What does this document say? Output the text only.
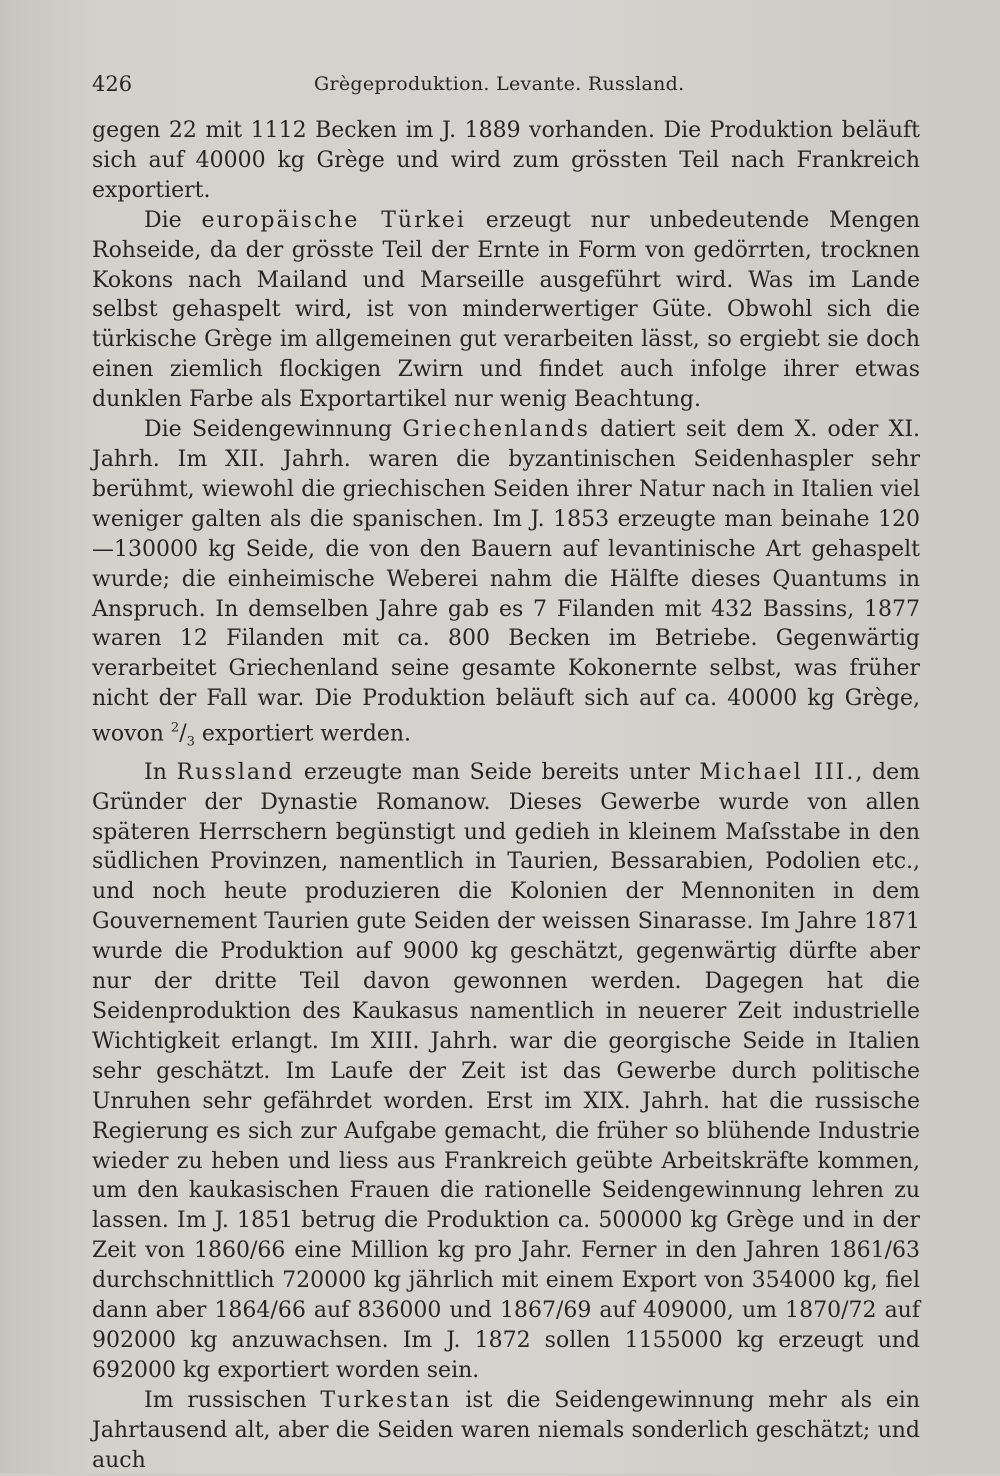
426	Grègeproduktion. Levante. Russland.

gegen 22 mit 1112 Becken im J. 1889 vorhanden. Die Produktion beläuft sich auf 40000 kg Grège und wird zum grössten Teil nach Frankreich exportiert.

Die europäische Türkei erzeugt nur unbedeutende Mengen Rohseide, da der grösste Teil der Ernte in Form von gedörrten, trocknen Kokons nach Mailand und Marseille ausgeführt wird. Was im Lande selbst gehaspelt wird, ist von minderwertiger Güte. Obwohl sich die türkische Grège im allgemeinen gut verarbeiten lässt, so ergiebt sie doch einen ziemlich flockigen Zwirn und findet auch infolge ihrer etwas dunklen Farbe als Exportartikel nur wenig Beachtung.

Die Seidengewinnung Griechenlands datiert seit dem X. oder XI. Jahrh. Im XII. Jahrh. waren die byzantinischen Seidenhaspler sehr berühmt, wiewohl die griechischen Seiden ihrer Natur nach in Italien viel weniger galten als die spanischen. Im J. 1853 erzeugte man beinahe 120—130000 kg Seide, die von den Bauern auf levantinische Art gehaspelt wurde; die einheimische Weberei nahm die Hälfte dieses Quantums in Anspruch. In demselben Jahre gab es 7 Filanden mit 432 Bassins, 1877 waren 12 Filanden mit ca. 800 Becken im Betriebe. Gegenwärtig verarbeitet Griechenland seine gesamte Kokonernte selbst, was früher nicht der Fall war. Die Produktion beläuft sich auf ca. 40000 kg Grège, wovon $^2/_3$ exportiert werden.

In Russland erzeugte man Seide bereits unter Michael III., dem Gründer der Dynastie Romanow. Dieses Gewerbe wurde von allen späteren Herrschern begünstigt und gedieh in kleinem Maſsstabe in den südlichen Provinzen, namentlich in Taurien, Bessarabien, Podolien etc., und noch heute produzieren die Kolonien der Mennoniten in dem Gouvernement Taurien gute Seiden der weissen Sinarasse. Im Jahre 1871 wurde die Produktion auf 9000 kg geschätzt, gegenwärtig dürfte aber nur der dritte Teil davon gewonnen werden. Dagegen hat die Seidenproduktion des Kaukasus namentlich in neuerer Zeit industrielle Wichtigkeit erlangt. Im XIII. Jahrh. war die georgische Seide in Italien sehr geschätzt. Im Laufe der Zeit ist das Gewerbe durch politische Unruhen sehr gefährdet worden. Erst im XIX. Jahrh. hat die russische Regierung es sich zur Aufgabe gemacht, die früher so blühende Industrie wieder zu heben und liess aus Frankreich geübte Arbeitskräfte kommen, um den kaukasischen Frauen die rationelle Seidengewinnung lehren zu lassen. Im J. 1851 betrug die Produktion ca. 500000 kg Grège und in der Zeit von 1860/66 eine Million kg pro Jahr. Ferner in den Jahren 1861/63 durchschnittlich 720000 kg jährlich mit einem Export von 354000 kg, fiel dann aber 1864/66 auf 836000 und 1867/69 auf 409000, um 1870/72 auf 902000 kg anzuwachsen. Im J. 1872 sollen 1155000 kg erzeugt und 692000 kg exportiert worden sein.

Im russischen Turkestan ist die Seidengewinnung mehr als ein Jahrtausend alt, aber die Seiden waren niemals sonderlich geschätzt; und auch
